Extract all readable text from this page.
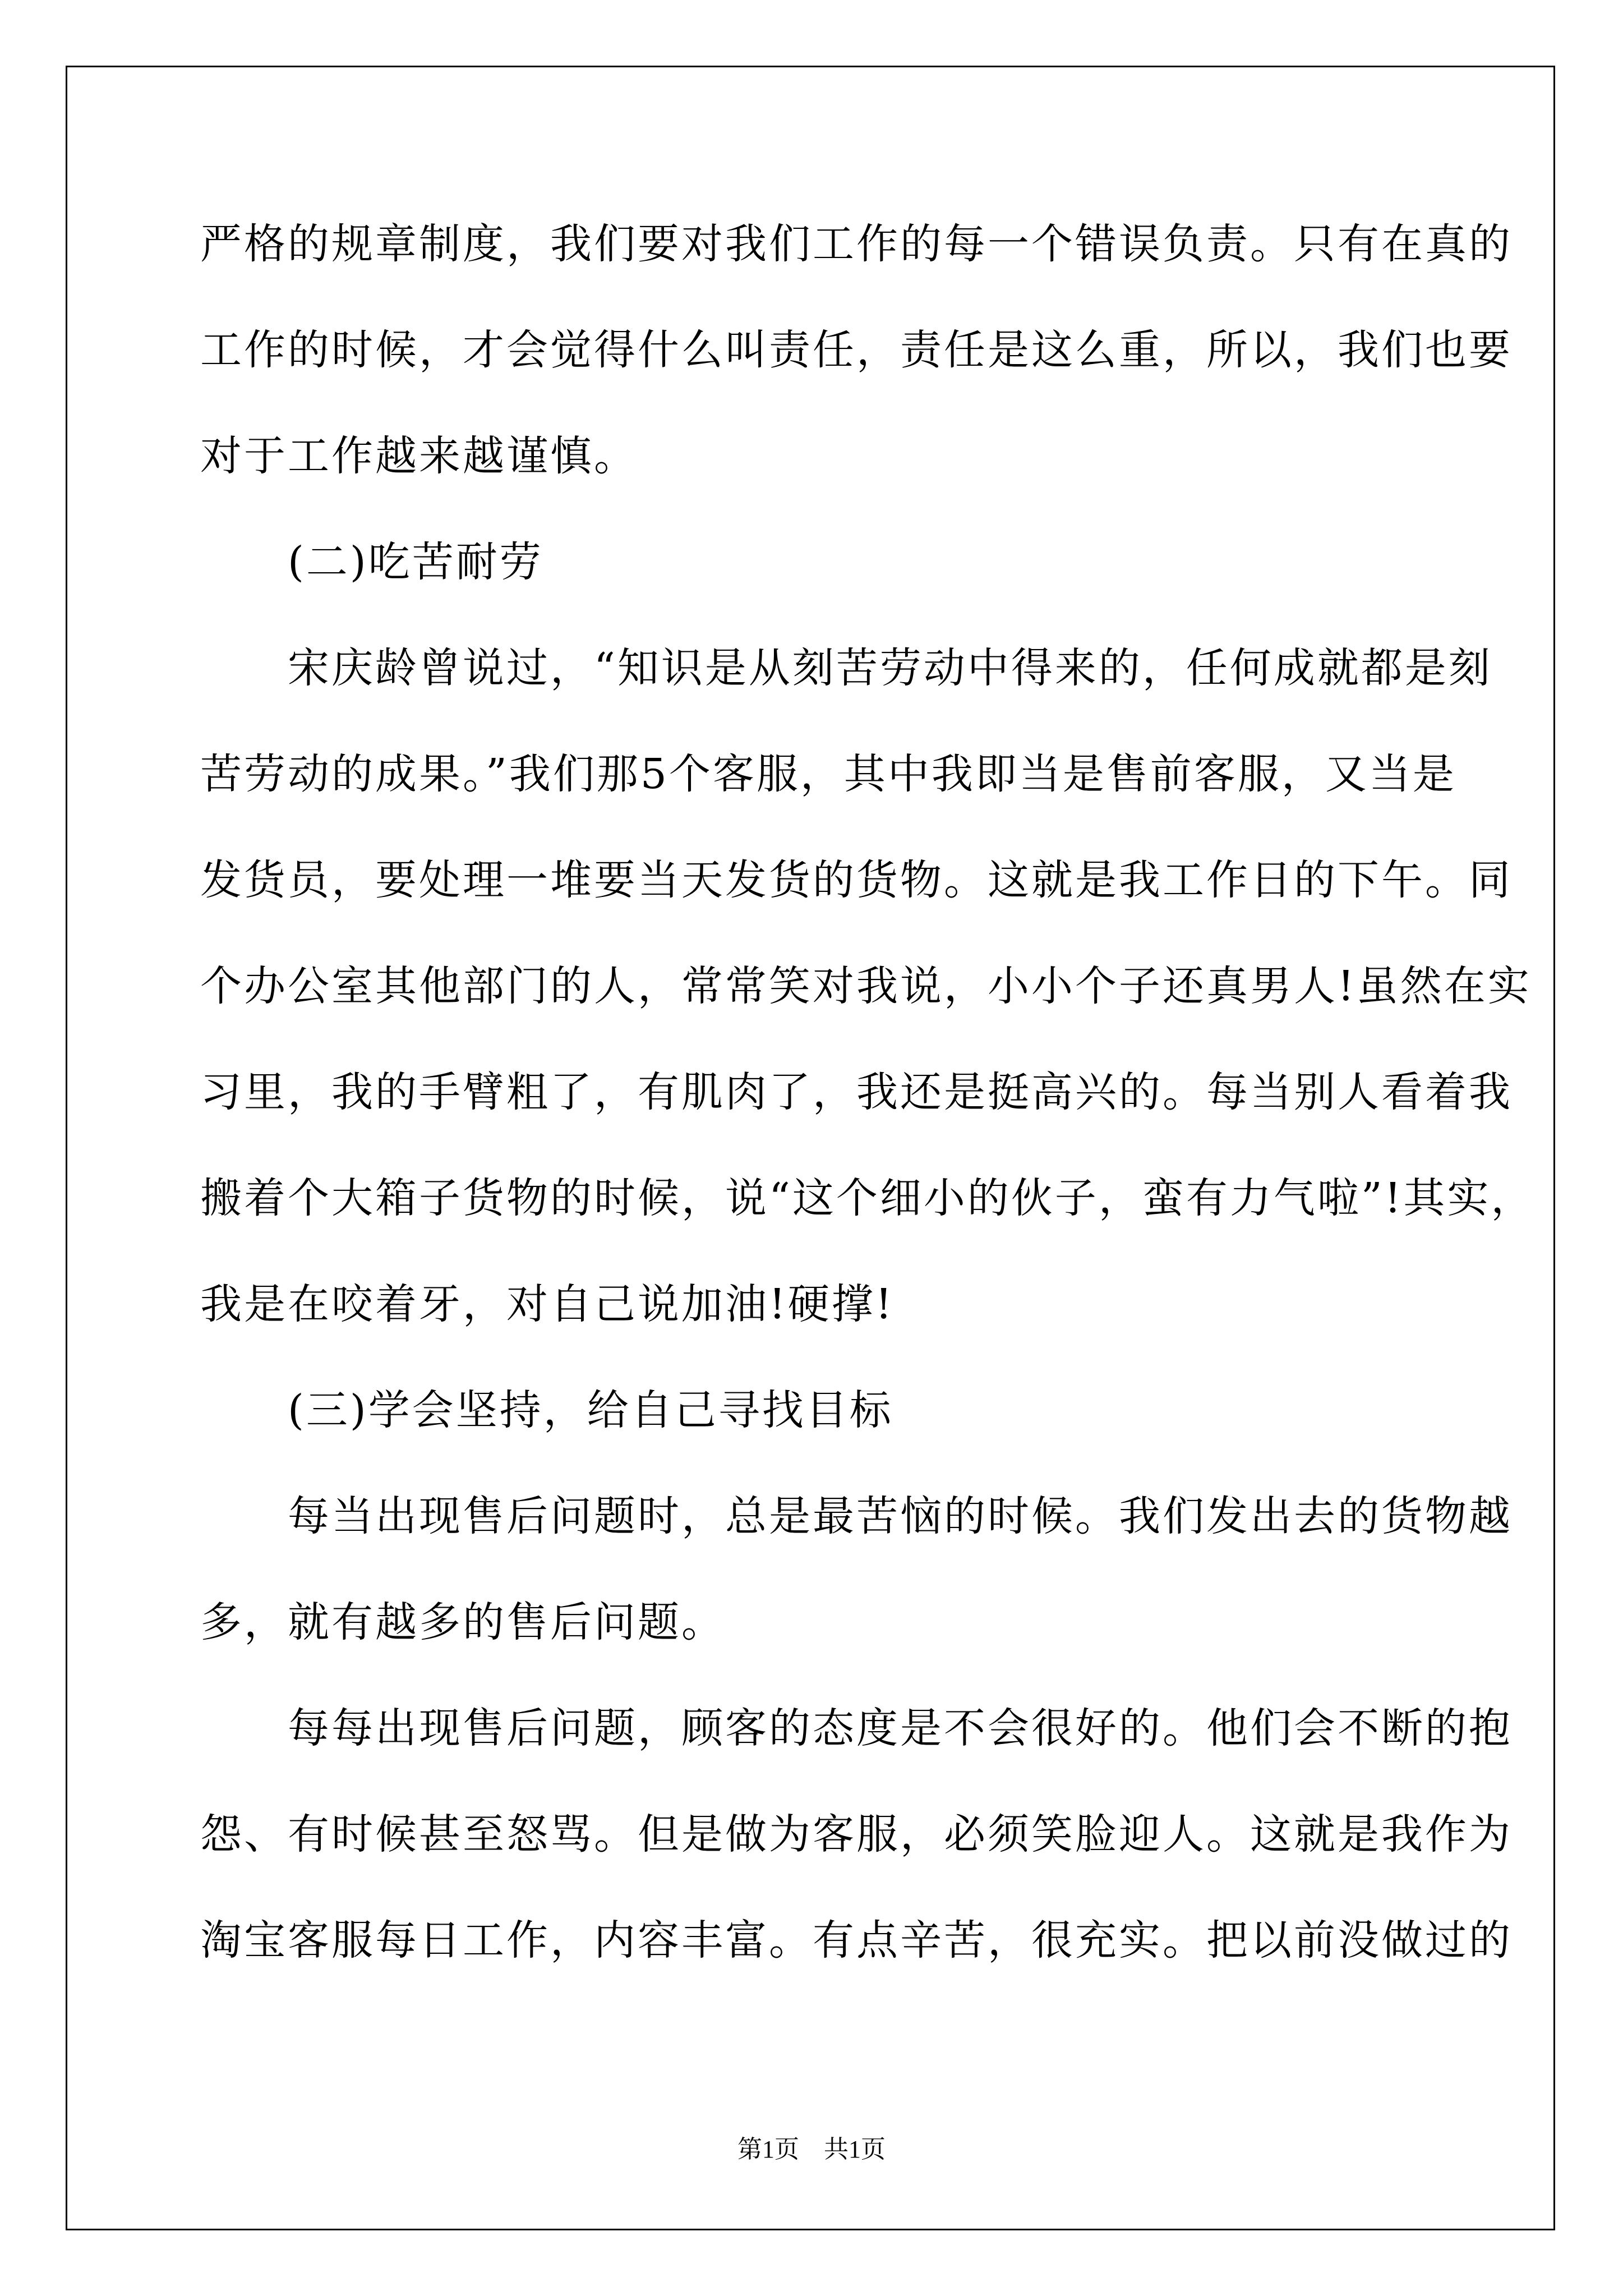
严格的规章制度，我们要对我们工作的每一个错误负责。只有在真的
工作的时候，才会觉得什么叫责任，责任是这么重，所以，我们也要
对于工作越来越谨慎。
　　(二)吃苦耐劳
　　宋庆龄曾说过，“知识是从刻苦劳动中得来的，任何成就都是刻
苦劳动的成果。”我们那5个客服，其中我即当是售前客服，又当是
发货员，要处理一堆要当天发货的货物。这就是我工作日的下午。同
个办公室其他部门的人，常常笑对我说，小小个子还真男人!虽然在实
习里，我的手臂粗了，有肌肉了，我还是挺高兴的。每当别人看着我
搬着个大箱子货物的时候，说“这个细小的伙子，蛮有力气啦”!其实，
我是在咬着牙，对自己说加油!硬撑!
　　(三)学会坚持，给自己寻找目标
　　每当出现售后问题时，总是最苦恼的时候。我们发出去的货物越
多，就有越多的售后问题。
　　每每出现售后问题，顾客的态度是不会很好的。他们会不断的抱
怨、有时候甚至怒骂。但是做为客服，必须笑脸迎人。这就是我作为
淘宝客服每日工作，内容丰富。有点辛苦，很充实。把以前没做过的
第1页　共1页
